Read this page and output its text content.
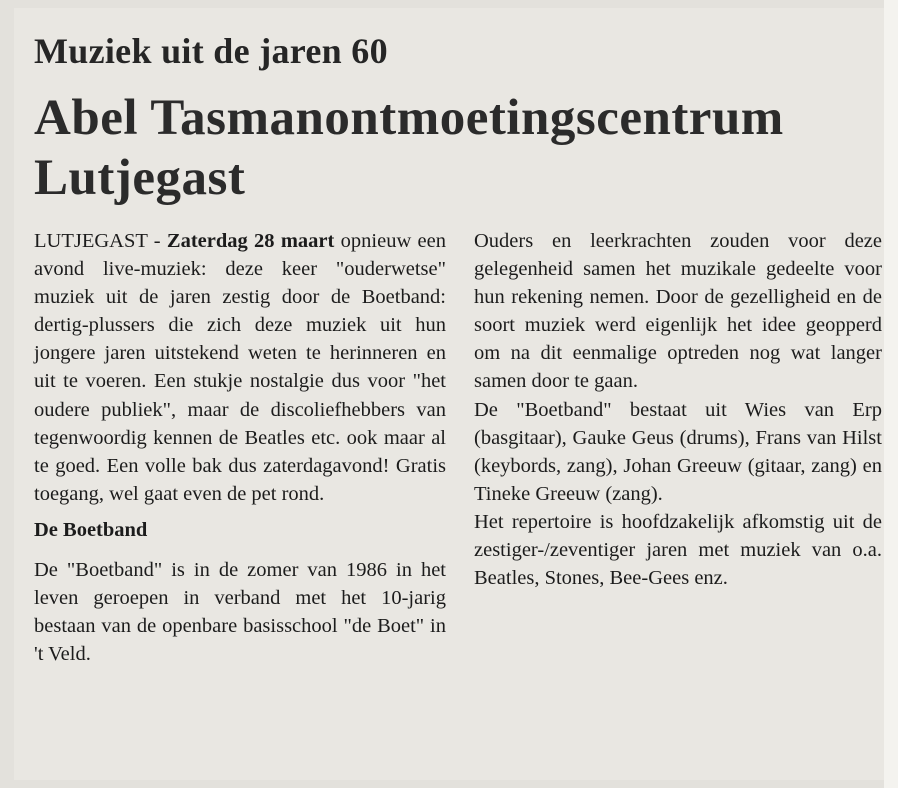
Muziek uit de jaren 60
Abel Tasmanontmoetingscentrum
Lutjegast

LUTJEGAST - Zaterdag 28 maart opnieuw een avond live-muziek: deze keer "ouderwetse" muziek uit de jaren zestig door de Boetband: dertig-plussers die zich deze muziek uit hun jongere jaren uitstekend weten te herinneren en uit te voeren. Een stukje nostalgie dus voor "het oudere publiek", maar de discoliefhebbers van tegenwoordig kennen de Beatles etc. ook maar al te goed. Een volle bak dus zaterdagavond! Gratis toegang, wel gaat even de pet rond.

De Boetband

De "Boetband" is in de zomer van 1986 in het leven geroepen in verband met het 10-jarig bestaan van de openbare basisschool "de Boet" in 't Veld.

Ouders en leerkrachten zouden voor deze gelegenheid samen het muzikale gedeelte voor hun rekening nemen. Door de gezelligheid en de soort muziek werd eigenlijk het idee geopperd om na dit eenmalige optreden nog wat langer samen door te gaan.

De "Boetband" bestaat uit Wies van Erp (basgitaar), Gauke Geus (drums), Frans van Hilst (keybords, zang), Johan Greeuw (gitaar, zang) en Tineke Greeuw (zang).

Het repertoire is hoofdzakelijk afkomstig uit de zestiger-/zeventiger jaren met muziek van o.a. Beatles, Stones, Bee-Gees enz.
